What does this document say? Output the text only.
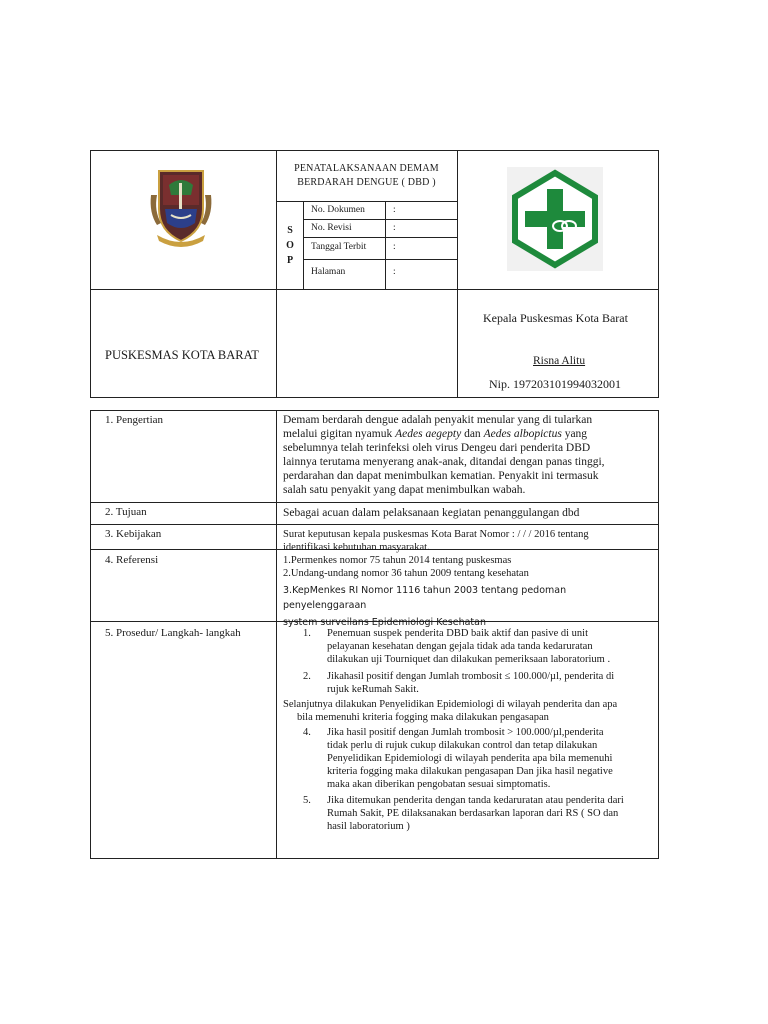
PENATALAKSANAAN DEMAM
BERDARAH DENGUE ( DBD )
S
O
P
No. Dokumen	:
No. Revisi	:
Tanggal Terbit	:
Halaman	:
PUSKESMAS KOTA BARAT
Kepala Puskesmas Kota Barat
Risna Alitu
Nip. 197203101994032001
1. Pengertian	Demam berdarah dengue adalah penyakit menular yang di tularkan
melalui gigitan nyamuk Aedes aegepty dan Aedes albopictus yang
sebelumnya telah terinfeksi oleh virus Dengeu dari penderita DBD
lainnya terutama menyerang anak-anak, ditandai dengan panas tinggi,
perdarahan dan dapat menimbulkan kematian. Penyakit ini termasuk
salah satu penyakit yang dapat menimbulkan wabah.
2. Tujuan	Sebagai acuan dalam pelaksanaan kegiatan penanggulangan dbd
3. Kebijakan	Surat keputusan kepala puskesmas Kota Barat Nomor : / / / 2016 tentang
identifikasi kebutuhan masyarakat.
4. Referensi	1.Permenkes nomor 75 tahun 2014 tentang puskesmas
2.Undang-undang nomor 36 tahun 2009 tentang kesehatan
3.KepMenkes RI Nomor 1116 tahun 2003 tentang pedoman penyelenggaraan
system surveilans Epidemiologi Kesehatan
5. Prosedur/ Langkah- langkah	1. Penemuan suspek penderita DBD baik aktif dan pasive di unit
pelayanan kesehatan dengan gejala tidak ada tanda kedaruratan
dilakukan uji Tourniquet dan dilakukan pemeriksaan laboratorium .
2. Jikahasil positif dengan Jumlah trombosit ≤ 100.000/µl, penderita di
rujuk keRumah Sakit.
Selanjutnya dilakukan Penyelidikan Epidemiologi di wilayah penderita dan apa
bila memenuhi kriteria fogging maka dilakukan pengasapan
4. Jika hasil positif dengan Jumlah trombosit > 100.000/µl,penderita
tidak perlu di rujuk cukup dilakukan control dan tetap dilakukan
Penyelidikan Epidemiologi di wilayah penderita apa bila memenuhi
kriteria fogging maka dilakukan pengasapan Dan jika hasil negative
maka akan diberikan pengobatan sesuai simptomatis.
5. Jika ditemukan penderita dengan tanda kedaruratan atau penderita dari
Rumah Sakit, PE dilaksanakan berdasarkan laporan dari RS ( SO dan
hasil laboratorium )
